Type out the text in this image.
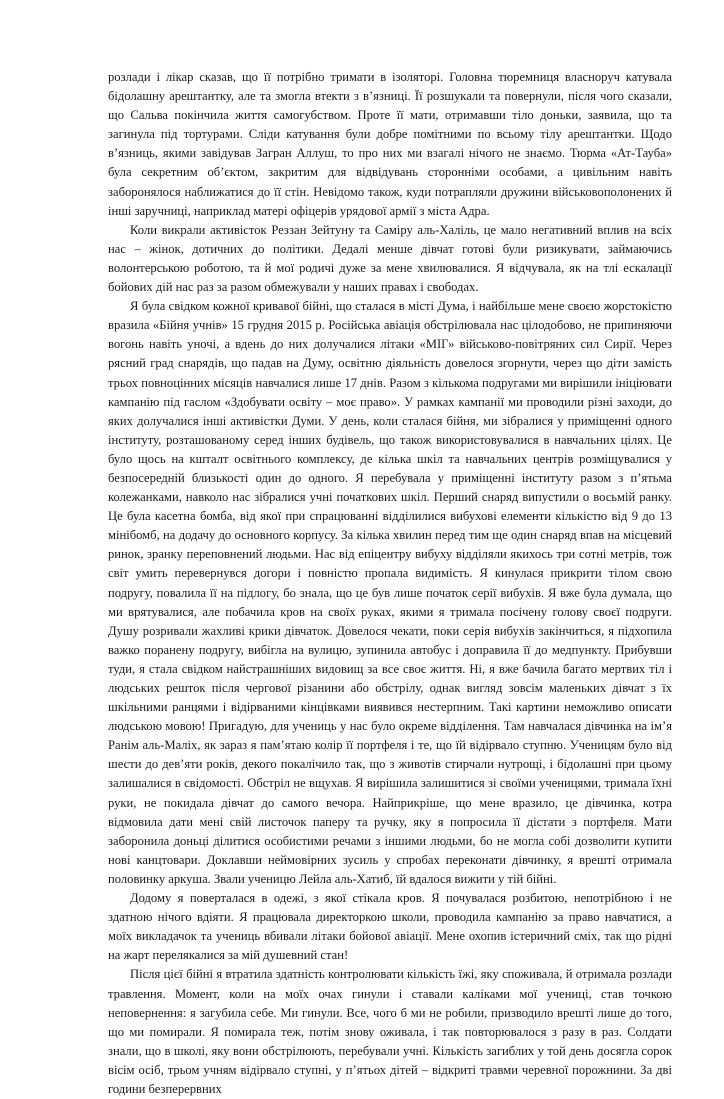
розлади і лікар сказав, що її потрібно тримати в ізоляторі. Головна тюремниця власноруч катувала бідолашну арештантку, але та змогла втекти з в’язниці. Її розшукали та повернули, після чого сказали, що Сальва покінчила життя самогубством. Проте її мати, отримавши тіло доньки, заявила, що та загинула під тортурами. Сліди катування були добре помітними по всьому тілу арештантки. Щодо в’язниць, якими завідував Загран Аллуш, то про них ми взагалі нічого не знаємо. Тюрма «Ат-Тауба» була секретним об’єктом, закритим для відвідувань сторонніми особами, а цивільним навіть заборонялося наближатися до її стін. Невідомо також, куди потрапляли дружини військовополонених й інші заручниці, наприклад матері офіцерів урядової армії з міста Адра.

Коли викрали активісток Реззан Зейтуну та Саміру аль-Халіль, це мало негативний вплив на всіх нас – жінок, дотичних до політики. Дедалі менше дівчат готові були ризикувати, займаючись волонтерською роботою, та й мої родичі дуже за мене хвилювалися. Я відчувала, як на тлі ескалації бойових дій нас раз за разом обмежували у наших правах і свободах.

Я була свідком кожної кривавої бійні, що сталася в місті Дума, і найбільше мене своєю жорстокістю вразила «Бійня учнів» 15 грудня 2015 р. Російська авіація обстрілювала нас цілодобово, не припиняючи вогонь навіть уночі, а вдень до них долучалися літаки «МІГ» військово-повітряних сил Сирії. Через рясний град снарядів, що падав на Думу, освітню діяльність довелося згорнути, через що діти замість трьох повноцінних місяців навчалися лише 17 днів. Разом з кількома подругами ми вирішили ініціювати кампанію під гаслом «Здобувати освіту – моє право». У рамках кампанії ми проводили різні заходи, до яких долучалися інші активістки Думи. У день, коли сталася бійня, ми зібралися у приміщенні одного інституту, розташованому серед інших будівель, що також використовувалися в навчальних цілях. Це було щось на кшталт освітнього комплексу, де кілька шкіл та навчальних центрів розміщувалися у безпосередній близькості один до одного. Я перебувала у приміщенні інституту разом з п’ятьма колежанками, навколо нас зібралися учні початкових шкіл. Перший снаряд випустили о восьмій ранку. Це була касетна бомба, від якої при спрацюванні відділилися вибухові елементи кількістю від 9 до 13 мінібомб, на додачу до основного корпусу. За кілька хвилин перед тим ще один снаряд впав на місцевий ринок, зранку переповнений людьми. Нас від епіцентру вибуху відділяли якихось три сотні метрів, тож світ умить перевернувся догори і повністю пропала видимість. Я кинулася прикрити тілом свою подругу, повалила її на підлогу, бо знала, що це був лише початок серії вибухів. Я вже була думала, що ми врятувалися, але побачила кров на своїх руках, якими я тримала посічену голову своєї подруги. Душу розривали жахливі крики дівчаток. Довелося чекати, поки серія вибухів закінчиться, я підхопила важко поранену подругу, вибігла на вулицю, зупинила автобус і доправила її до медпункту. Прибувши туди, я стала свідком найстрашніших видовищ за все своє життя. Ні, я вже бачила багато мертвих тіл і людських решток після чергової різанини або обстрілу, однак вигляд зовсім маленьких дівчат з їх шкільними ранцями і відірваними кінцівками виявився нестерпним. Такі картини неможливо описати людською мовою! Пригадую, для учениць у нас було окреме відділення. Там навчалася дівчинка на ім’я Ранім аль-Маліх, як зараз я пам’ятаю колір її портфеля і те, що їй відірвало ступню. Ученицям було від шести до дев’яти років, декого покалічило так, що з животів стирчали нутрощі, і бідолашні при цьому залишалися в свідомості. Обстріл не вщухав. Я вирішила залишитися зі своїми ученицями, тримала їхні руки, не покидала дівчат до самого вечора. Найприкріше, що мене вразило, це дівчинка, котра відмовила дати мені свій листочок паперу та ручку, яку я попросила її дістати з портфеля. Мати заборонила доньці ділитися особистими речами з іншими людьми, бо не могла собі дозволити купити нові канцтовари. Доклавши неймовірних зусиль у спробах переконати дівчинку, я врешті отримала половинку аркуша. Звали ученицю Лейла аль-Хатиб, їй вдалося вижити у тій бійні.

Додому я поверталася в одежі, з якої стікала кров. Я почувалася розбитою, непотрібною і не здатною нічого вдіяти. Я працювала директоркою школи, проводила кампанію за право навчатися, а моїх викладачок та учениць вбивали літаки бойової авіації. Мене охопив істеричний сміх, так що рідні на жарт перелякалися за мій душевний стан!

Після цієї бійні я втратила здатність контролювати кількість їжі, яку споживала, й отримала розлади травлення. Момент, коли на моїх очах гинули і ставали каліками мої учениці, став точкою неповернення: я загубила себе. Ми гинули. Все, чого б ми не робили, призводило врешті лише до того, що ми помирали. Я помирала теж, потім знову оживала, і так повторювалося з разу в раз. Солдати знали, що в школі, яку вони обстрілюють, перебували учні. Кількість загиблих у той день досягла сорок вісім осіб, трьом учням відірвало ступні, у п’ятьох дітей – відкриті травми черевної порожнини. За дві години безперервних
